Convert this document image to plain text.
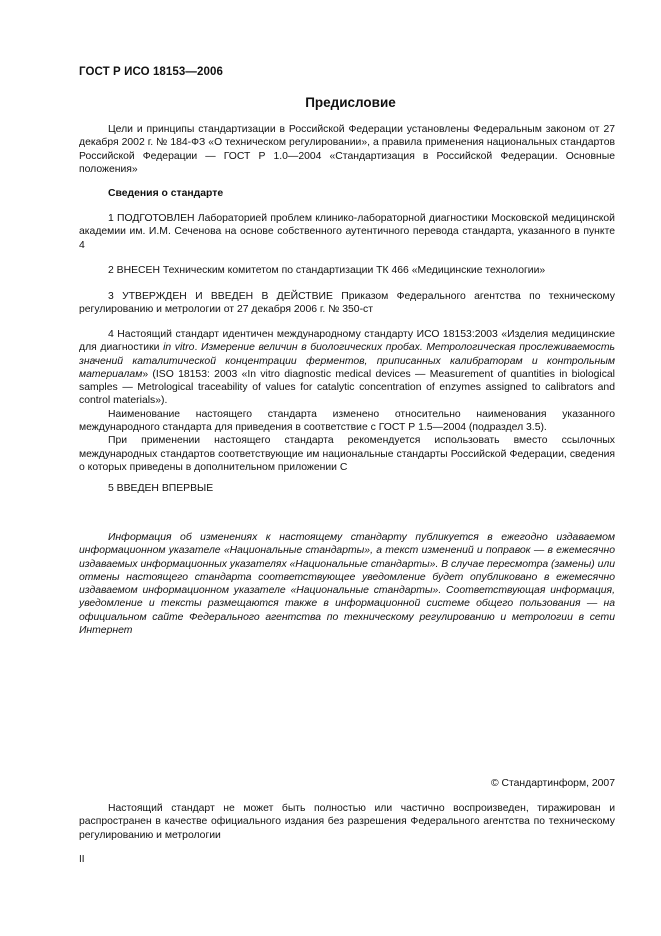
ГОСТ Р ИСО 18153—2006
Предисловие

Цели и принципы стандартизации в Российской Федерации установлены Федеральным законом от 27 декабря 2002 г. № 184-ФЗ «О техническом регулировании», а правила применения национальных стандартов Российской Федерации — ГОСТ Р 1.0—2004 «Стандартизация в Российской Федерации. Основные положения»

Сведения о стандарте

1 ПОДГОТОВЛЕН Лабораторией проблем клинико-лабораторной диагностики Московской медицинской академии им. И.М. Сеченова на основе собственного аутентичного перевода стандарта, указанного в пункте 4

2 ВНЕСЕН Техническим комитетом по стандартизации ТК 466 «Медицинские технологии»

3 УТВЕРЖДЕН И ВВЕДЕН В ДЕЙСТВИЕ Приказом Федерального агентства по техническому регулированию и метрологии от 27 декабря 2006 г. № 350-ст

4 Настоящий стандарт идентичен международному стандарту ИСО 18153:2003 «Изделия медицинские для диагностики in vitro. Измерение величин в биологических пробах. Метрологическая прослеживаемость значений каталитической концентрации ферментов, приписанных калибраторам и контрольным материалам» (ISO 18153: 2003 «In vitro diagnostic medical devices — Measurement of quantities in biological samples — Metrological traceability of values for catalytic concentration of enzymes assigned to calibrators and control materials»).

Наименование настоящего стандарта изменено относительно наименования указанного международного стандарта для приведения в соответствие с ГОСТ Р 1.5—2004 (подраздел 3.5).

При применении настоящего стандарта рекомендуется использовать вместо ссылочных международных стандартов соответствующие им национальные стандарты Российской Федерации, сведения о которых приведены в дополнительном приложении С

5 ВВЕДЕН ВПЕРВЫЕ

Информация об изменениях к настоящему стандарту публикуется в ежегодно издаваемом информационном указателе «Национальные стандарты», а текст изменений и поправок — в ежемесячно издаваемых информационных указателях «Национальные стандарты». В случае пересмотра (замены) или отмены настоящего стандарта соответствующее уведомление будет опубликовано в ежемесячно издаваемом информационном указателе «Национальные стандарты». Соответствующая информация, уведомление и тексты размещаются также в информационной системе общего пользования — на официальном сайте Федерального агентства по техническому регулированию и метрологии в сети Интернет

© Стандартинформ, 2007

Настоящий стандарт не может быть полностью или частично воспроизведен, тиражирован и распространен в качестве официального издания без разрешения Федерального агентства по техническому регулированию и метрологии

II
